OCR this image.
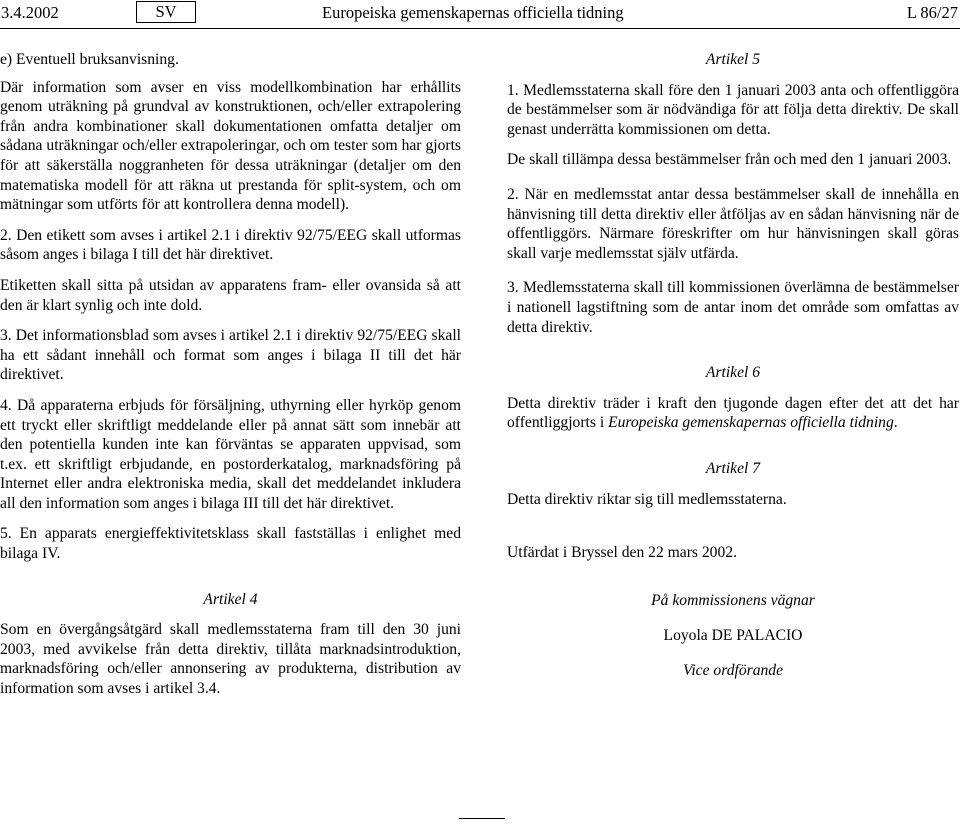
3.4.2002	SV	Europeiska gemenskapernas officiella tidning	L 86/27

e) Eventuell bruksanvisning.

Där information som avser en viss modellkombination har erhållits genom uträkning på grundval av konstruktionen, och/eller extrapolering från andra kombinationer skall dokumentationen omfatta detaljer om sådana uträkningar och/eller extrapoleringar, och om tester som har gjorts för att säkerställa noggranheten för dessa uträkningar (detaljer om den matematiska modell för att räkna ut prestanda för split-system, och om mätningar som utförts för att kontrollera denna modell).

2. Den etikett som avses i artikel 2.1 i direktiv 92/75/EEG skall utformas såsom anges i bilaga I till det här direktivet.

Etiketten skall sitta på utsidan av apparatens fram- eller ovansida så att den är klart synlig och inte dold.

3. Det informationsblad som avses i artikel 2.1 i direktiv 92/75/EEG skall ha ett sådant innehåll och format som anges i bilaga II till det här direktivet.

4. Då apparaterna erbjuds för försäljning, uthyrning eller hyrköp genom ett tryckt eller skriftligt meddelande eller på annat sätt som innebär att den potentiella kunden inte kan förväntas se apparaten uppvisad, som t.ex. ett skriftligt erbjudande, en postorderkatalog, marknadsföring på Internet eller andra elektroniska media, skall det meddelandet inkludera all den information som anges i bilaga III till det här direktivet.

5. En apparats energieffektivitetsklass skall fastställas i enlighet med bilaga IV.

Artikel 4

Som en övergångsåtgärd skall medlemsstaterna fram till den 30 juni 2003, med avvikelse från detta direktiv, tillåta marknadsintroduktion, marknadsföring och/eller annonsering av produkterna, distribution av information som avses i artikel 3.4.

Artikel 5

1. Medlemsstaterna skall före den 1 januari 2003 anta och offentliggöra de bestämmelser som är nödvändiga för att följa detta direktiv. De skall genast underrätta kommissionen om detta.

De skall tillämpa dessa bestämmelser från och med den 1 januari 2003.

2. När en medlemsstat antar dessa bestämmelser skall de innehålla en hänvisning till detta direktiv eller åtföljas av en sådan hänvisning när de offentliggörs. Närmare föreskrifter om hur hänvisningen skall göras skall varje medlemsstat själv utfärda.

3. Medlemsstaterna skall till kommissionen överlämna de bestämmelser i nationell lagstiftning som de antar inom det område som omfattas av detta direktiv.

Artikel 6

Detta direktiv träder i kraft den tjugonde dagen efter det att det har offentliggjorts i Europeiska gemenskapernas officiella tidning.

Artikel 7

Detta direktiv riktar sig till medlemsstaterna.

Utfärdat i Bryssel den 22 mars 2002.

På kommissionens vägnar

Loyola DE PALACIO

Vice ordförande
